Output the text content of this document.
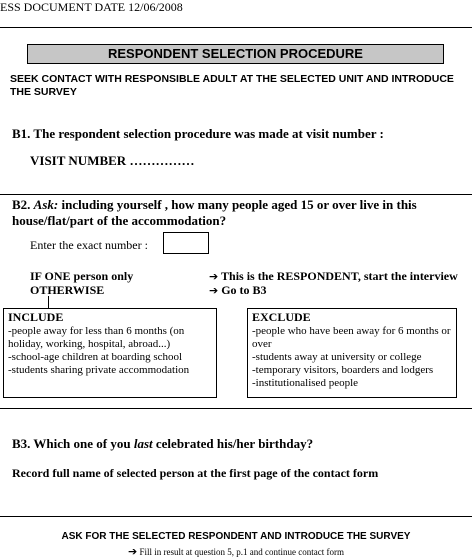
ESS DOCUMENT DATE 12/06/2008
RESPONDENT SELECTION PROCEDURE
SEEK CONTACT WITH RESPONSIBLE ADULT AT THE SELECTED UNIT AND INTRODUCE THE SURVEY
B1. The respondent selection procedure was made at visit number :
VISIT NUMBER ……………
B2. Ask: including yourself , how many people aged 15 or over live in this house/flat/part of the accommodation?
Enter the exact number :
IF ONE person only	➔ This is the RESPONDENT, start the interview
OTHERWISE	➔ Go to B3
INCLUDE
-people away for less than 6 months (on holiday, working, hospital, abroad...)
-school-age children at boarding school
-students sharing private accommodation
EXCLUDE
-people who have been away for 6 months or over
-students away at university or college
-temporary visitors, boarders and lodgers
-institutionalised people
B3. Which one of you last celebrated his/her birthday?
Record full name of selected person at the first page of the contact form
ASK FOR THE SELECTED RESPONDENT AND INTRODUCE THE SURVEY
➔ Fill in result at question 5, p.1 and continue contact form
